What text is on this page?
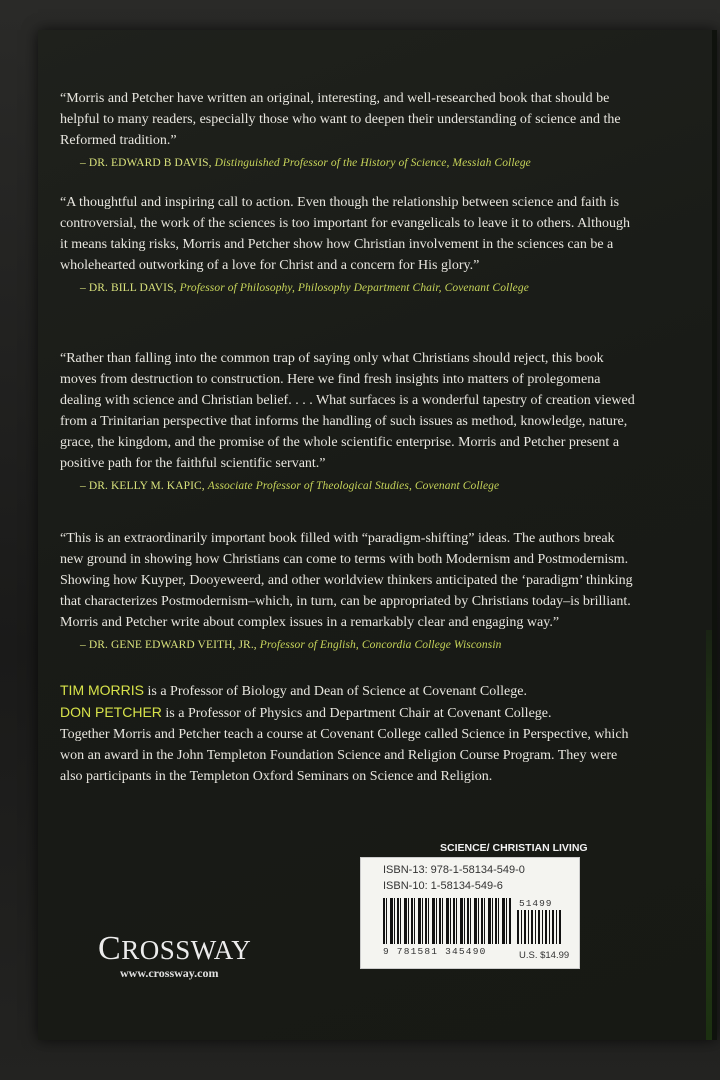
“Morris and Petcher have written an original, interesting, and well-researched book that should be helpful to many readers, especially those who want to deepen their understanding of science and the Reformed tradition.”
– DR. EDWARD B DAVIS, Distinguished Professor of the History of Science, Messiah College
“A thoughtful and inspiring call to action. Even though the relationship between science and faith is controversial, the work of the sciences is too important for evangelicals to leave it to others. Although it means taking risks, Morris and Petcher show how Christian involvement in the sciences can be a wholehearted outworking of a love for Christ and a concern for His glory.”
– DR. BILL DAVIS, Professor of Philosophy, Philosophy Department Chair, Covenant College
“Rather than falling into the common trap of saying only what Christians should reject, this book moves from destruction to construction. Here we find fresh insights into matters of prolegomena dealing with science and Christian belief. . . . What surfaces is a wonderful tapestry of creation viewed from a Trinitarian perspective that informs the handling of such issues as method, knowledge, nature, grace, the kingdom, and the promise of the whole scientific enterprise. Morris and Petcher present a positive path for the faithful scientific servant.”
– DR. KELLY M. KAPIC, Associate Professor of Theological Studies, Covenant College
“This is an extraordinarily important book filled with “paradigm-shifting” ideas. The authors break new ground in showing how Christians can come to terms with both Modernism and Postmodernism. Showing how Kuyper, Dooyeweerd, and other worldview thinkers anticipated the ‘paradigm’ thinking that characterizes Postmodernism–which, in turn, can be appropriated by Christians today–is brilliant. Morris and Petcher write about complex issues in a remarkably clear and engaging way.”
– DR. GENE EDWARD VEITH, JR., Professor of English, Concordia College Wisconsin
TIM MORRIS is a Professor of Biology and Dean of Science at Covenant College.
DON PETCHER is a Professor of Physics and Department Chair at Covenant College.
Together Morris and Petcher teach a course at Covenant College called Science in Perspective, which won an award in the John Templeton Foundation Science and Religion Course Program. They were also participants in the Templeton Oxford Seminars on Science and Religion.
SCIENCE/ CHRISTIAN LIVING
ISBN-13: 978-1-58134-549-0
ISBN-10: 1-58134-549-6
51499
9 781581 345490	U.S. $14.99
CROSSWAY
www.crossway.com
